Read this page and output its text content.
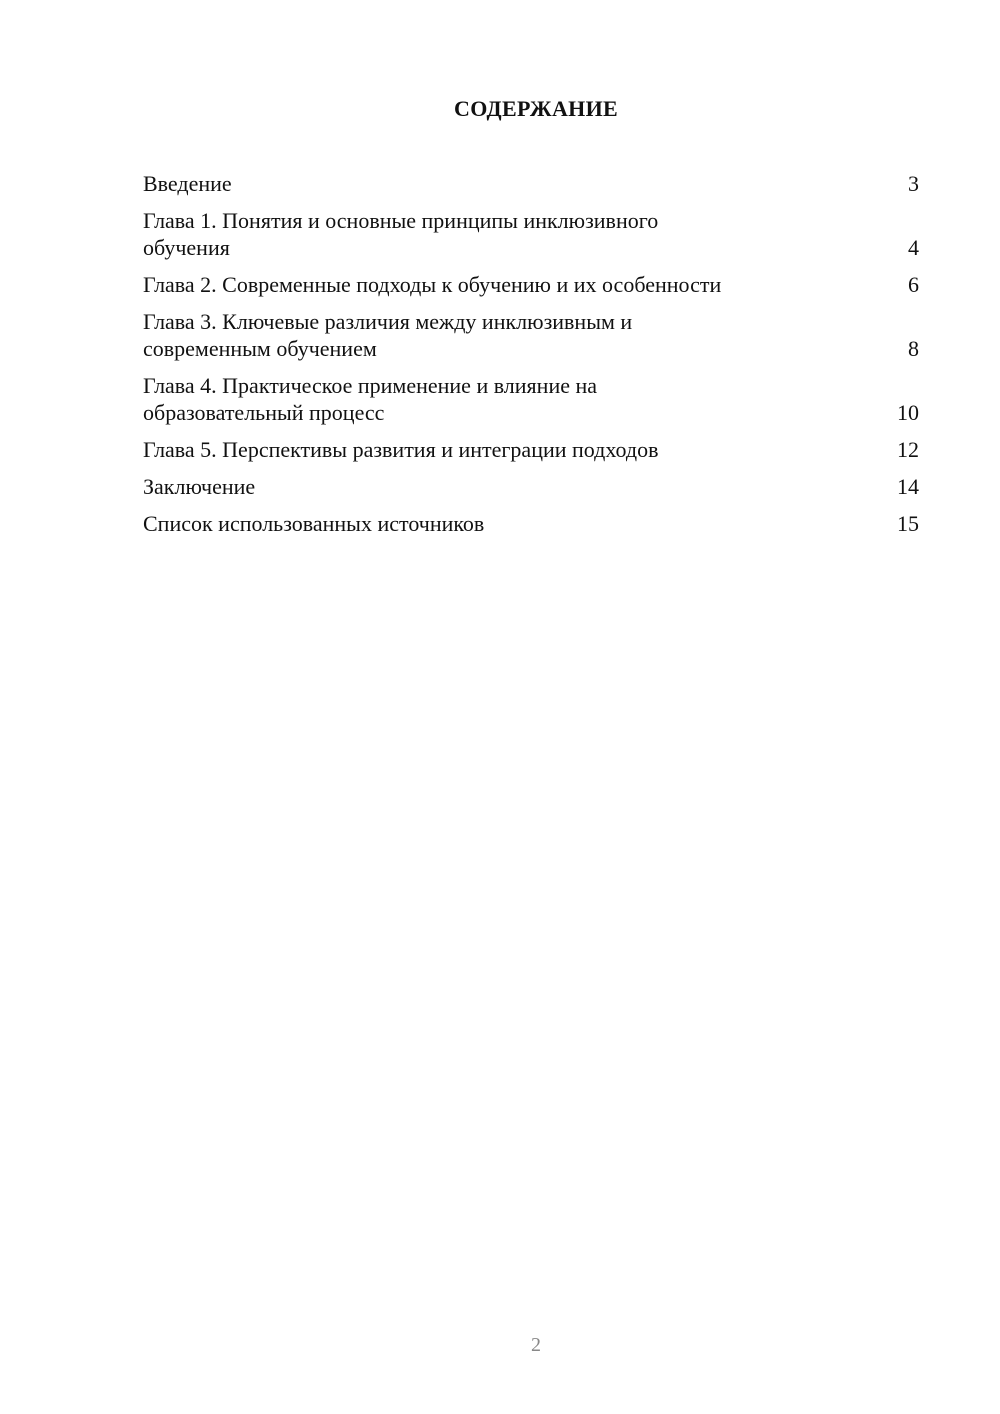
СОДЕРЖАНИЕ
Введение	3
Глава 1. Понятия и основные принципы инклюзивного обучения	4
Глава 2. Современные подходы к обучению и их особенности	6
Глава 3. Ключевые различия между инклюзивным и современным обучением	8
Глава 4. Практическое применение и влияние на образовательный процесс	10
Глава 5. Перспективы развития и интеграции подходов	12
Заключение	14
Список использованных источников	15
2
